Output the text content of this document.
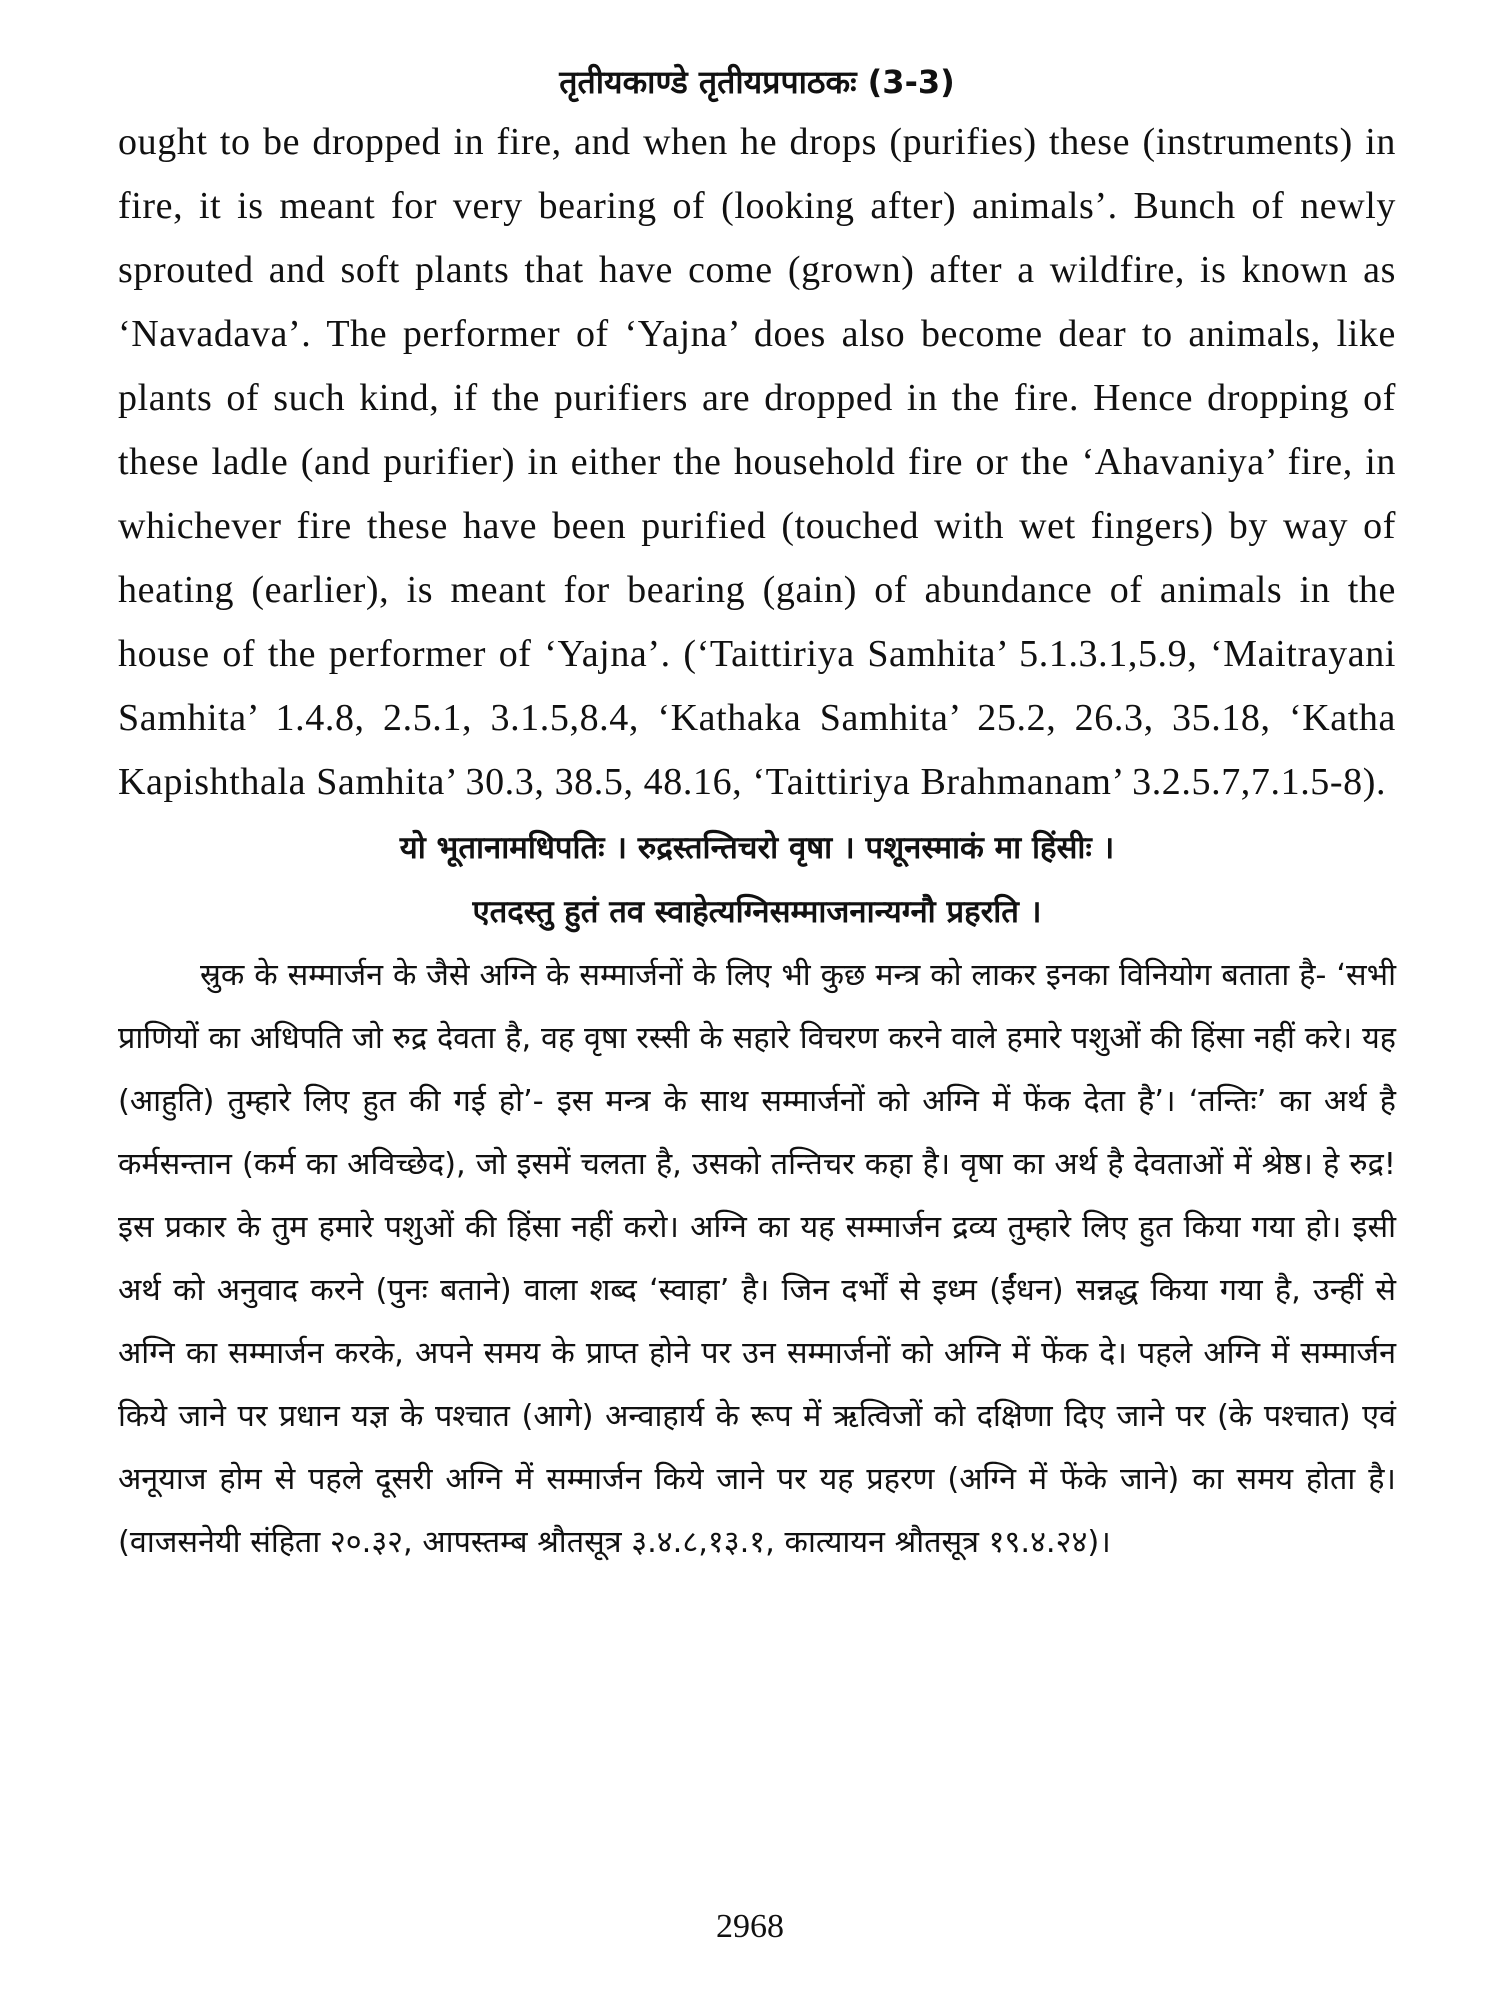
तृतीयकाण्डे तृतीयप्रपाठकः (3-3)

ought to be dropped in fire, and when he drops (purifies) these (instruments) in fire, it is meant for very bearing of (looking after) animals’. Bunch of newly sprouted and soft plants that have come (grown) after a wildfire, is known as ‘Navadava’. The performer of ‘Yajna’ does also become dear to animals, like plants of such kind, if the purifiers are dropped in the fire. Hence dropping of these ladle (and purifier) in either the household fire or the ‘Ahavaniya’ fire, in whichever fire these have been purified (touched with wet fingers) by way of heating (earlier), is meant for bearing (gain) of abundance of animals in the house of the performer of ‘Yajna’. (‘Taittiriya Samhita’ 5.1.3.1,5.9, ‘Maitrayani Samhita’ 1.4.8, 2.5.1, 3.1.5,8.4, ‘Kathaka Samhita’ 25.2, 26.3, 35.18, ‘Katha Kapishthala Samhita’ 30.3, 38.5, 48.16, ‘Taittiriya Brahmanam’ 3.2.5.7,7.1.5-8).

यो भूतानामधिपतिः । रुद्रस्तन्तिचरो वृषा । पशूनस्माकं मा हिंसीः ।
एतदस्तु हुतं तव स्वाहेत्यग्निसम्माजनान्यग्नौ प्रहरति ।

स्रुक के सम्मार्जन के जैसे अग्नि के सम्मार्जनों के लिए भी कुछ मन्त्र को लाकर इनका विनियोग बताता है- ‘सभी प्राणियों का अधिपति जो रुद्र देवता है, वह वृषा रस्सी के सहारे विचरण करने वाले हमारे पशुओं की हिंसा नहीं करे। यह (आहुति) तुम्हारे लिए हुत की गई हो’- इस मन्त्र के साथ सम्मार्जनों को अग्नि में फेंक देता है’। ‘तन्तिः’ का अर्थ है कर्मसन्तान (कर्म का अविच्छेद), जो इसमें चलता है, उसको तन्तिचर कहा है। वृषा का अर्थ है देवताओं में श्रेष्ठ। हे रुद्र! इस प्रकार के तुम हमारे पशुओं की हिंसा नहीं करो। अग्नि का यह सम्मार्जन द्रव्य तुम्हारे लिए हुत किया गया हो। इसी अर्थ को अनुवाद करने (पुनः बताने) वाला शब्द ‘स्वाहा’ है। जिन दर्भों से इध्म (ईंधन) सन्नद्ध किया गया है, उन्हीं से अग्नि का सम्मार्जन करके, अपने समय के प्राप्त होने पर उन सम्मार्जनों को अग्नि में फेंक दे। पहले अग्नि में सम्मार्जन किये जाने पर प्रधान यज्ञ के पश्चात (आगे) अन्वाहार्य के रूप में ऋत्विजों को दक्षिणा दिए जाने पर (के पश्चात) एवं अनूयाज होम से पहले दूसरी अग्नि में सम्मार्जन किये जाने पर यह प्रहरण (अग्नि में फेंके जाने) का समय होता है। (वाजसनेयी संहिता २०.३२, आपस्तम्ब श्रौतसूत्र ३.४.८,१३.१, कात्यायन श्रौतसूत्र १९.४.२४)।

2968
